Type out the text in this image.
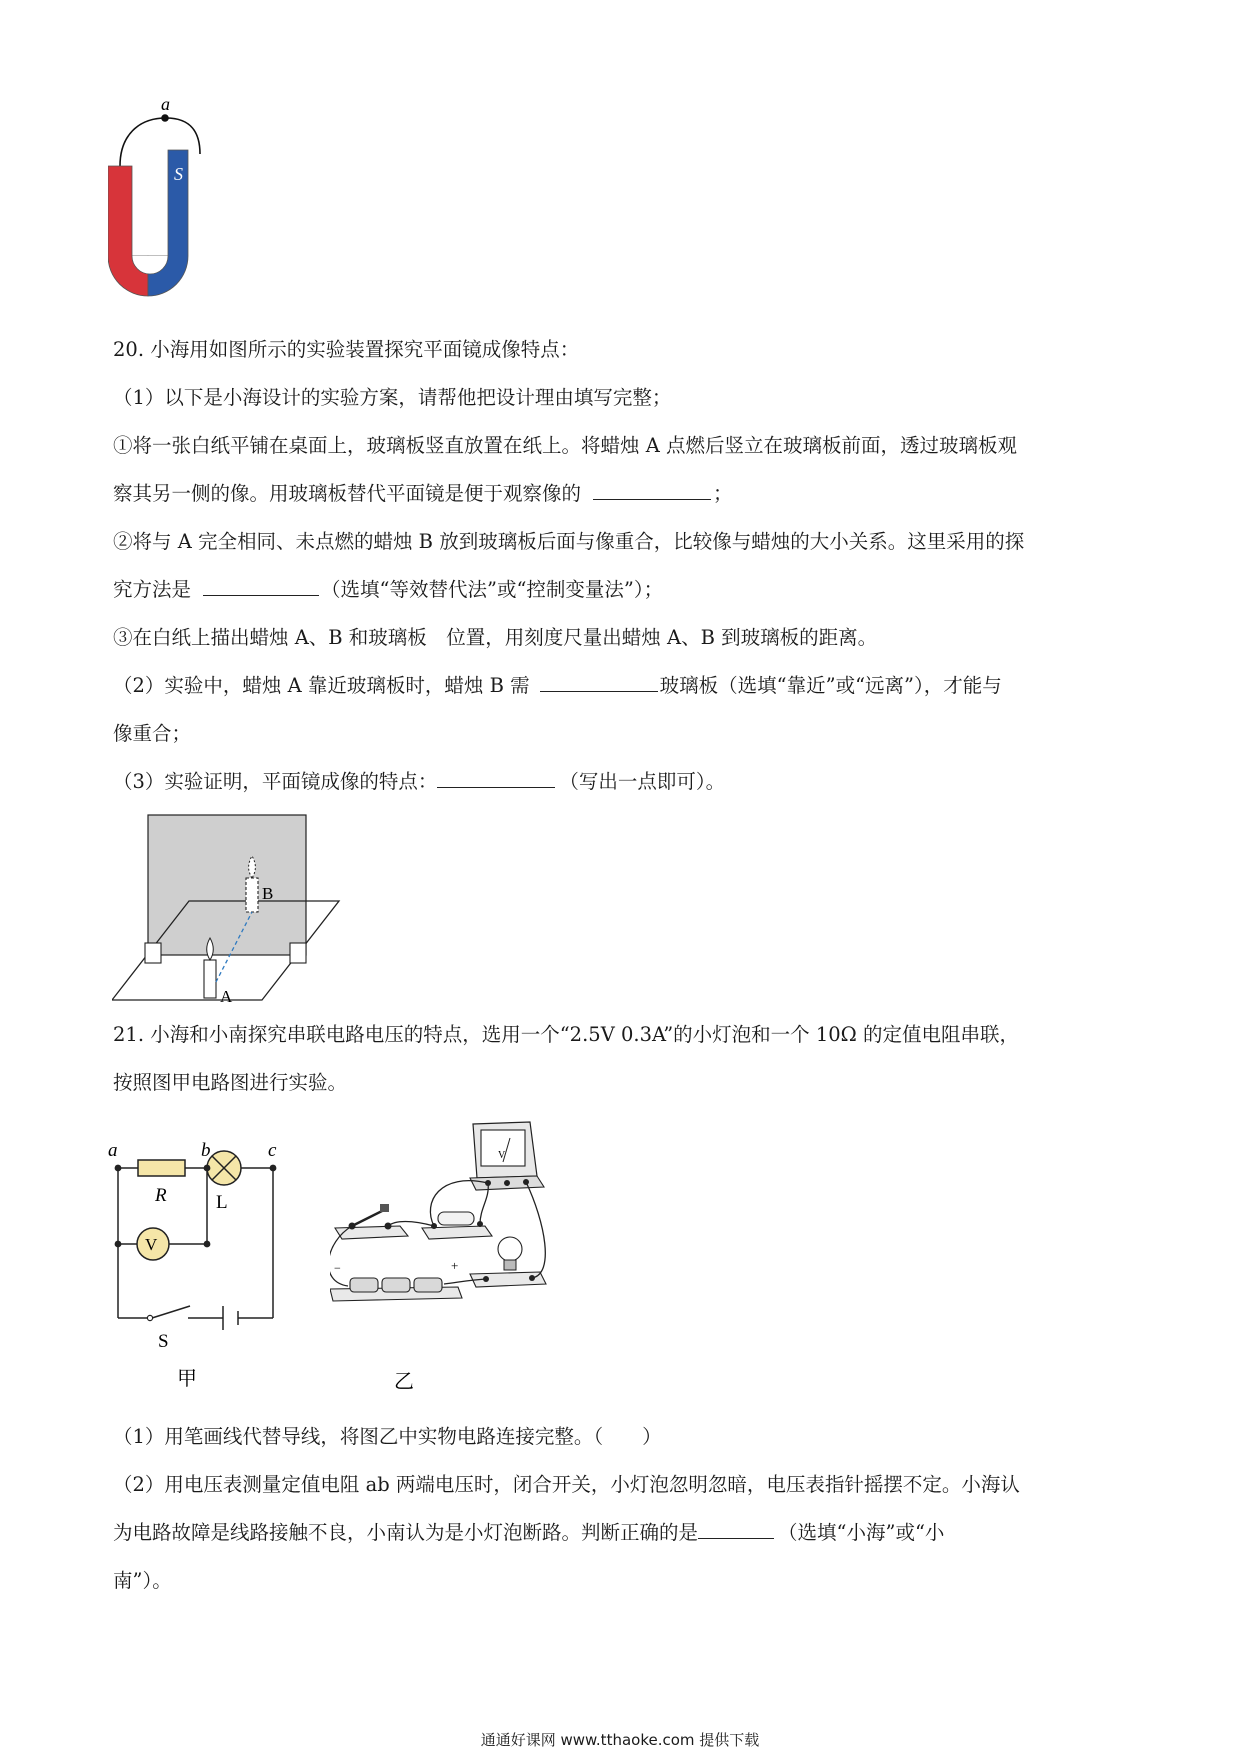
a
S
20. 小海用如图所示的实验装置探究平面镜成像特点：
（1）以下是小海设计的实验方案，请帮他把设计理由填写完整；
①将一张白纸平铺在桌面上，玻璃板竖直放置在纸上。将蜡烛 A 点燃后竖立在玻璃板前面，透过玻璃板观
察其另一侧的像。用玻璃板替代平面镜是便于观察像的	；
②将与 A 完全相同、未点燃的蜡烛 B 放到玻璃板后面与像重合，比较像与蜡烛的大小关系。这里采用的探
究方法是	（选填“等效替代法”或“控制变量法”）；
③在白纸上描出蜡烛 A、B 和玻璃板　位置，用刻度尺量出蜡烛 A、B 到玻璃板的距离。
（2）实验中，蜡烛 A 靠近玻璃板时，蜡烛 B 需	玻璃板（选填“靠近”或“远离”），才能与
像重合；
（3）实验证明，平面镜成像的特点：	（写出一点即可）。
A
B
21. 小海和小南探究串联电路电压的特点，选用一个“2.5V 0.3A”的小灯泡和一个 10Ω 的定值电阻串联，
按照图甲电路图进行实验。
a	b	c
R	L
V
S
甲
V
−	+
乙
（1）用笔画线代替导线，将图乙中实物电路连接完整。（　　）
（2）用电压表测量定值电阻 ab 两端电压时，闭合开关，小灯泡忽明忽暗，电压表指针摇摆不定。小海认
为电路故障是线路接触不良，小南认为是小灯泡断路。判断正确的是	（选填“小海”或“小
南”）。
通通好课网 www.tthaoke.com 提供下载
